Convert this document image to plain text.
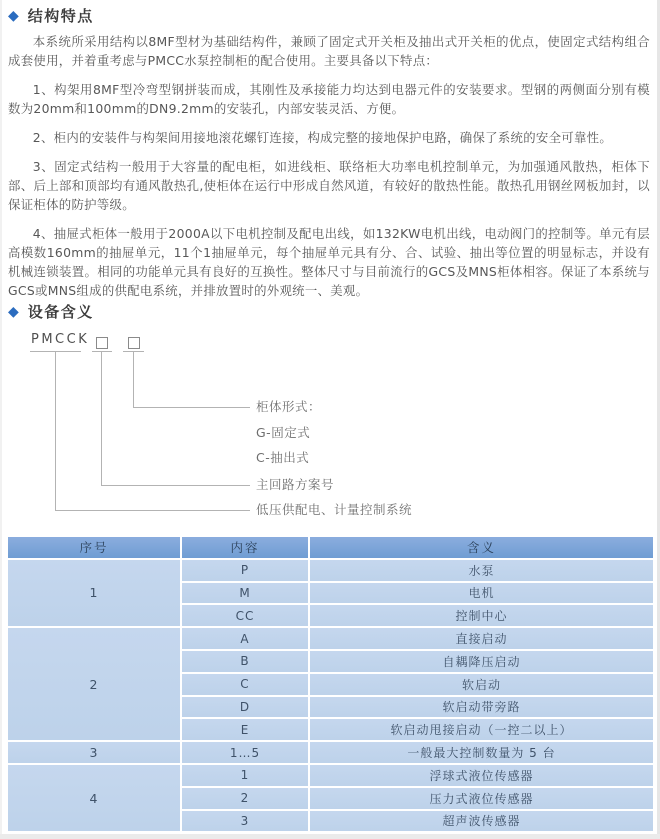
◆ 结构特点

本系统所采用结构以8MF型材为基础结构件，兼顾了固定式开关柜及抽出式开关柜的优点，使固定式结构组合成套使用，并着重考虑与PMCC水泵控制柜的配合使用。主要具备以下特点：

1、构架用8MF型冷弯型钢拼装而成，其刚性及承接能力均达到电器元件的安装要求。型钢的两侧面分别有模数为20mm和100mm的DN9.2mm的安装孔，内部安装灵活、方便。

2、柜内的安装件与构架间用接地滚花螺钉连接，构成完整的接地保护电路，确保了系统的安全可靠性。

3、固定式结构一般用于大容量的配电柜，如进线柜、联络柜大功率电机控制单元，为加强通风散热，柜体下部、后上部和顶部均有通风散热孔,使柜体在运行中形成自然风道，有较好的散热性能。散热孔用钢丝网板加封，以保证柜体的防护等级。

4、抽屉式柜体一般用于2000A以下电机控制及配电出线，如132KW电机出线，电动阀门的控制等。单元有层高模数160mm的抽屉单元，11个1抽屉单元，每个抽屉单元具有分、合、试验、抽出等位置的明显标志，并设有机械连锁装置。相同的功能单元具有良好的互换性。整体尺寸与目前流行的GCS及MNS柜体相容。保证了本系统与GCS或MNS组成的供配电系统，并排放置时的外观统一、美观。

◆ 设备含义
PMCCK
柜体形式：
G-固定式
C-抽出式
主回路方案号
低压供配电、计量控制系统
序号	内容	含义
1
P	水泵
M	电机
CC	控制中心
2
A	直接启动
B	自耦降压启动
C	软启动
D	软启动带旁路
E	软启动甩接启动（一控二以上）
3	1…5	一般最大控制数量为 5 台
4
1	浮球式液位传感器
2	压力式液位传感器
3	超声波传感器
